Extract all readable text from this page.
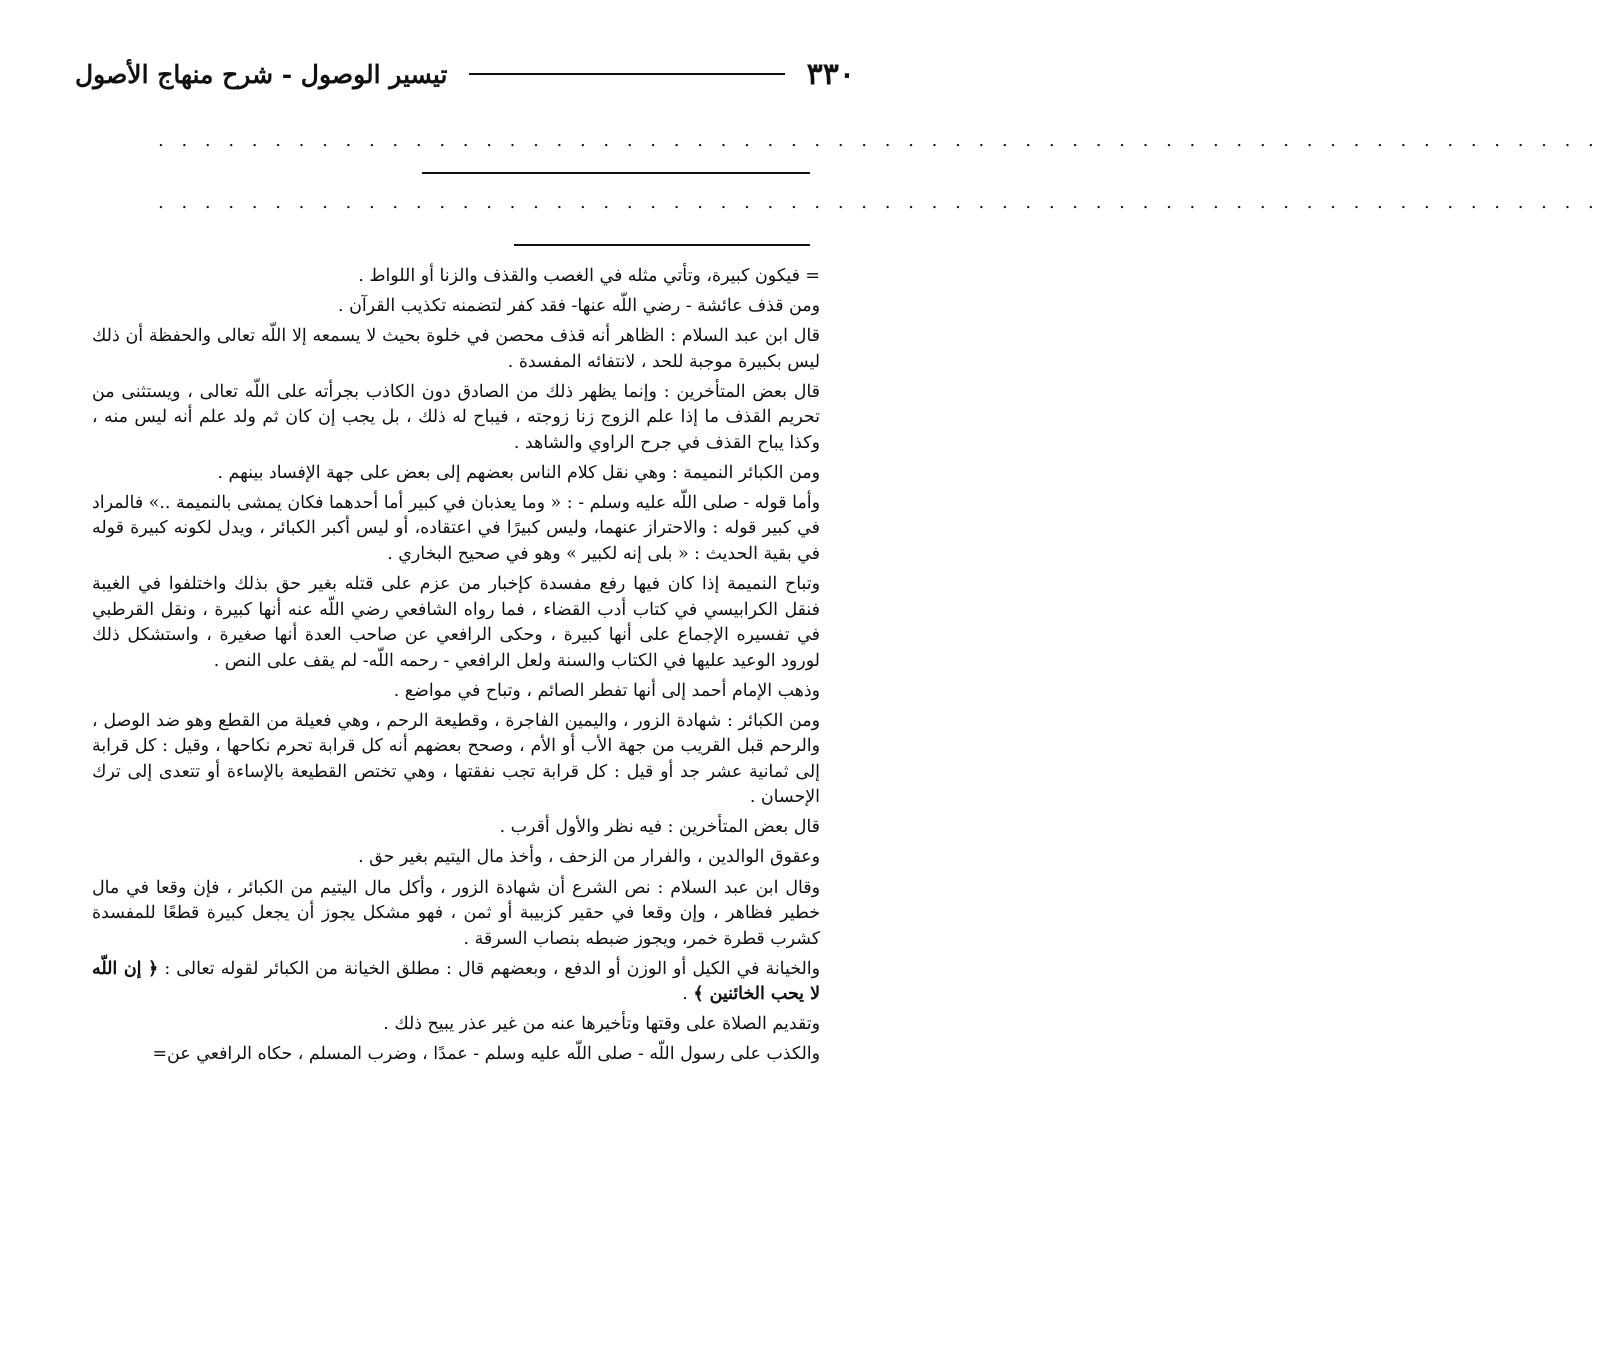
٣٣٠
تيسير الوصول - شرح منهاج الأصول
. . . . . . . . . . . . . . . . . . . . . . . . . . . . . . . . . . . . . . . . . . . . . . . . . . . . . . . . . . . . . .
. . . . . . . . . . . . . . . . . . . . . . . . . . . . . . . . . . . . . . . . . . . . . . . . . . . . . . . . . . . . . .

= فيكون كبيرة، وتأتي مثله في الغصب والقذف والزنا أو اللواط .

ومن قذف عائشة - رضي اللّه عنها- فقد كفر لتضمنه تكذيب القرآن .

قال ابن عبد السلام : الظاهر أنه قذف محصن في خلوة بحيث لا يسمعه إلا اللّه تعالى والحفظة أن ذلك ليس بكبيرة موجبة للحد ، لانتفائه المفسدة .

قال بعض المتأخرين : وإنما يظهر ذلك من الصادق دون الكاذب بجرأته على اللّه تعالى ، ويستثنى من تحريم القذف ما إذا علم الزوج زنا زوجته ، فيباح له ذلك ، بل يجب إن كان ثم ولد علم أنه ليس منه ، وكذا يباح القذف في جرح الراوي والشاهد .

ومن الكبائر النميمة : وهي نقل كلام الناس بعضهم إلى بعض على جهة الإفساد بينهم .

وأما قوله - صلى اللّه عليه وسلم - : « وما يعذبان في كبير أما أحدهما فكان يمشى بالنميمة ..» فالمراد في كبير قوله : والاحتراز عنهما، وليس كبيرًا في اعتقاده، أو ليس أكبر الكبائر ، ويدل لكونه كبيرة قوله في بقية الحديث : « بلى إنه لكبير » وهو في صحيح البخاري .

وتباح النميمة إذا كان فيها رفع مفسدة كإخبار من عزم على قتله بغير حق بذلك واختلفوا في الغيبة فنقل الكرابيسي في كتاب أدب القضاء ، فما رواه الشافعي رضي اللّه عنه أنها كبيرة ، ونقل القرطبي في تفسيره الإجماع على أنها كبيرة ، وحكى الرافعي عن صاحب العدة أنها صغيرة ، واستشكل ذلك لورود الوعيد عليها في الكتاب والسنة ولعل الرافعي - رحمه اللّه- لم يقف على النص .

وذهب الإمام أحمد إلى أنها تفطر الصائم ، وتباح في مواضع .

ومن الكبائر : شهادة الزور ، واليمين الفاجرة ، وقطيعة الرحم ، وهي فعيلة من القطع وهو ضد الوصل ، والرحم قبل القريب من جهة الأب أو الأم ، وصحح بعضهم أنه كل قرابة تحرم نكاحها ، وقيل : كل قرابة إلى ثمانية عشر جد أو قيل : كل قرابة تجب نفقتها ، وهي تختص القطيعة بالإساءة أو تتعدى إلى ترك الإحسان .

قال بعض المتأخرين : فيه نظر والأول أقرب .

وعقوق الوالدين ، والفرار من الزحف ، وأخذ مال اليتيم بغير حق .

وقال ابن عبد السلام : نص الشرع أن شهادة الزور ، وأكل مال اليتيم من الكبائر ، فإن وقعا في مال خطير فظاهر ، وإن وقعا في حقير كزبيبة أو ثمن ، فهو مشكل يجوز أن يجعل كبيرة قطعًا للمفسدة كشرب قطرة خمر، ويجوز ضبطه بنصاب السرقة .

والخيانة في الكيل أو الوزن أو الدفع ، وبعضهم قال : مطلق الخيانة من الكبائر لقوله تعالى : ﴿ إن اللّه لا يحب الخائنين ﴾ .

وتقديم الصلاة على وقتها وتأخيرها عنه من غير عذر يبيح ذلك .

والكذب على رسول اللّه - صلى اللّه عليه وسلم - عمدًا ، وضرب المسلم ، حكاه الرافعي عن=
